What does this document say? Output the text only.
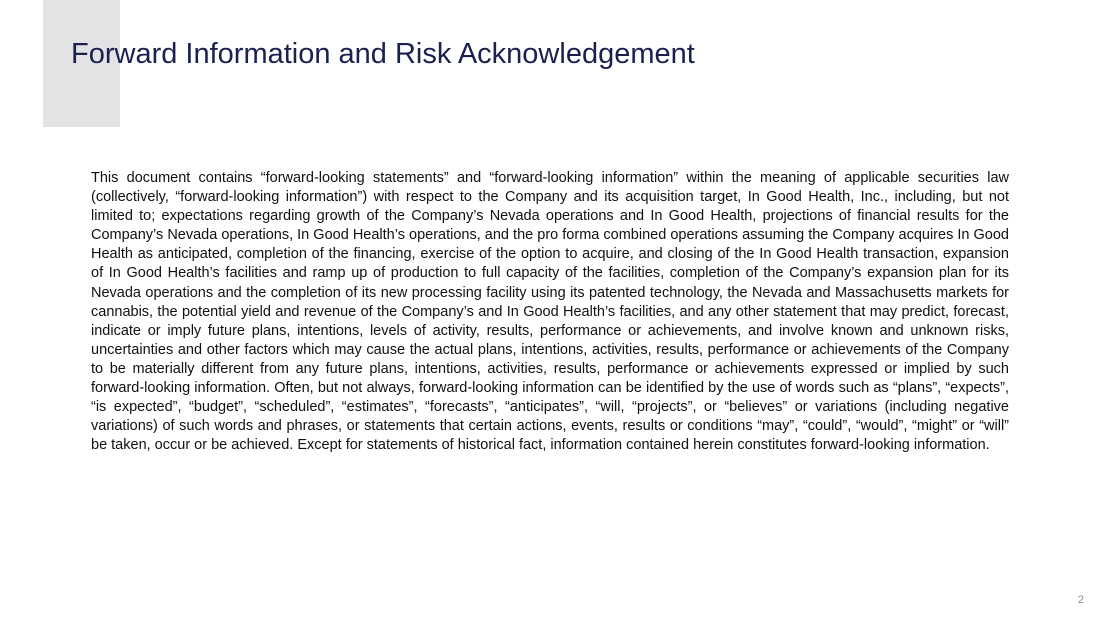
Forward Information and Risk Acknowledgement

This document contains “forward-looking statements” and “forward-looking information” within the meaning of applicable securities law (collectively, “forward-looking information”) with respect to the Company and its acquisition target, In Good Health, Inc., including, but not limited to; expectations regarding growth of the Company’s Nevada operations and In Good Health, projections of financial results for the Company’s Nevada operations, In Good Health’s operations, and the pro forma combined operations assuming the Company acquires In Good Health as anticipated, completion of the financing, exercise of the option to acquire, and closing of the In Good Health transaction, expansion of In Good Health’s facilities and ramp up of production to full capacity of the facilities, completion of the Company’s expansion plan for its Nevada operations and the completion of its new processing facility using its patented technology, the Nevada and Massachusetts markets for cannabis, the potential yield and revenue of the Company’s and In Good Health’s facilities, and any other statement that may predict, forecast, indicate or imply future plans, intentions, levels of activity, results, performance or achievements, and involve known and unknown risks, uncertainties and other factors which may cause the actual plans, intentions, activities, results, performance or achievements of the Company to be materially different from any future plans, intentions, activities, results, performance or achievements expressed or implied by such forward-looking information. Often, but not always, forward-looking information can be identified by the use of words such as “plans”, “expects”, “is expected”, “budget”, “scheduled”, “estimates”, “forecasts”, “anticipates”, “will, “projects”, or “believes” or variations (including negative variations) of such words and phrases, or statements that certain actions, events, results or conditions “may”, “could”, “would”, “might” or “will” be taken, occur or be achieved. Except for statements of historical fact, information contained herein constitutes forward-looking information.

2
